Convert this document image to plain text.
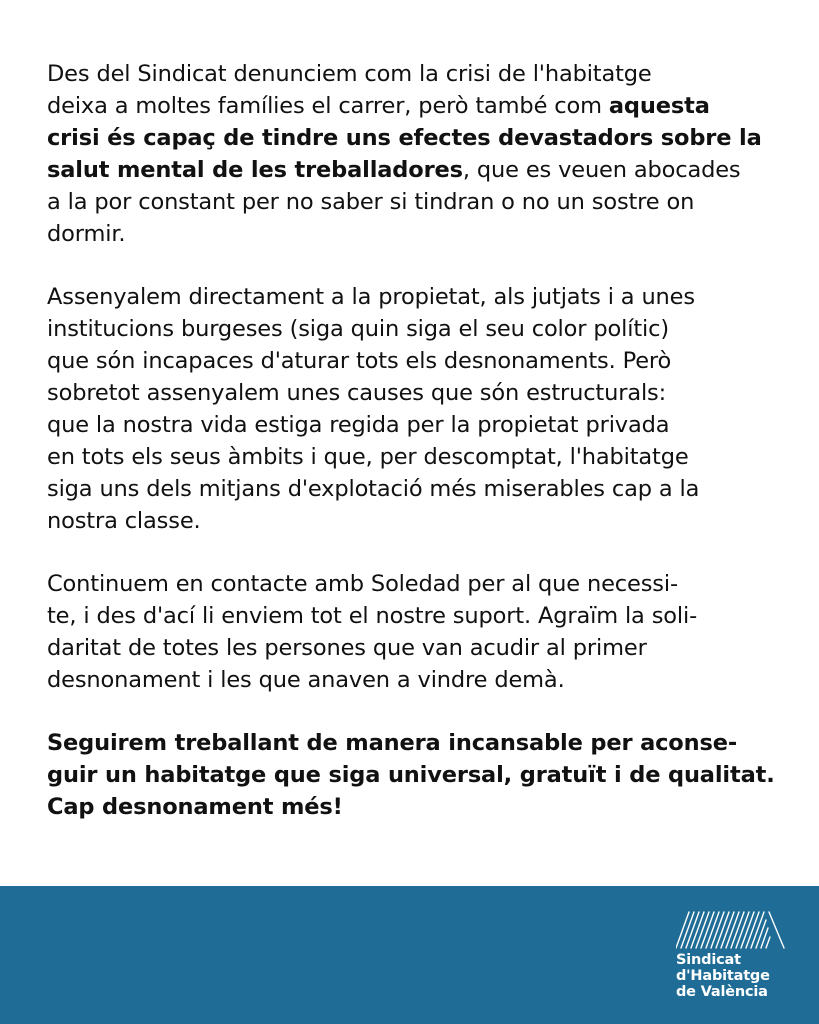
Des del Sindicat denunciem com la crisi de l'habitatge
deixa a moltes famílies el carrer, però també com aquesta
crisi és capaç de tindre uns efectes devastadors sobre la
salut mental de les treballadores, que es veuen abocades
a la por constant per no saber si tindran o no un sostre on
dormir.

Assenyalem directament a la propietat, als jutjats i a unes
institucions burgeses (siga quin siga el seu color polític)
que són incapaces d'aturar tots els desnonaments. Però
sobretot assenyalem unes causes que són estructurals:
que la nostra vida estiga regida per la propietat privada
en tots els seus àmbits i que, per descomptat, l'habitatge
siga uns dels mitjans d'explotació més miserables cap a la
nostra classe.

Continuem en contacte amb Soledad per al que necessi-
te, i des d'ací li enviem tot el nostre suport. Agraïm la soli-
daritat de totes les persones que van acudir al primer
desnonament i les que anaven a vindre demà.

Seguirem treballant de manera incansable per aconse-
guir un habitatge que siga universal, gratuït i de qualitat.
Cap desnonament més!

Sindicat
d'Habitatge
de València
